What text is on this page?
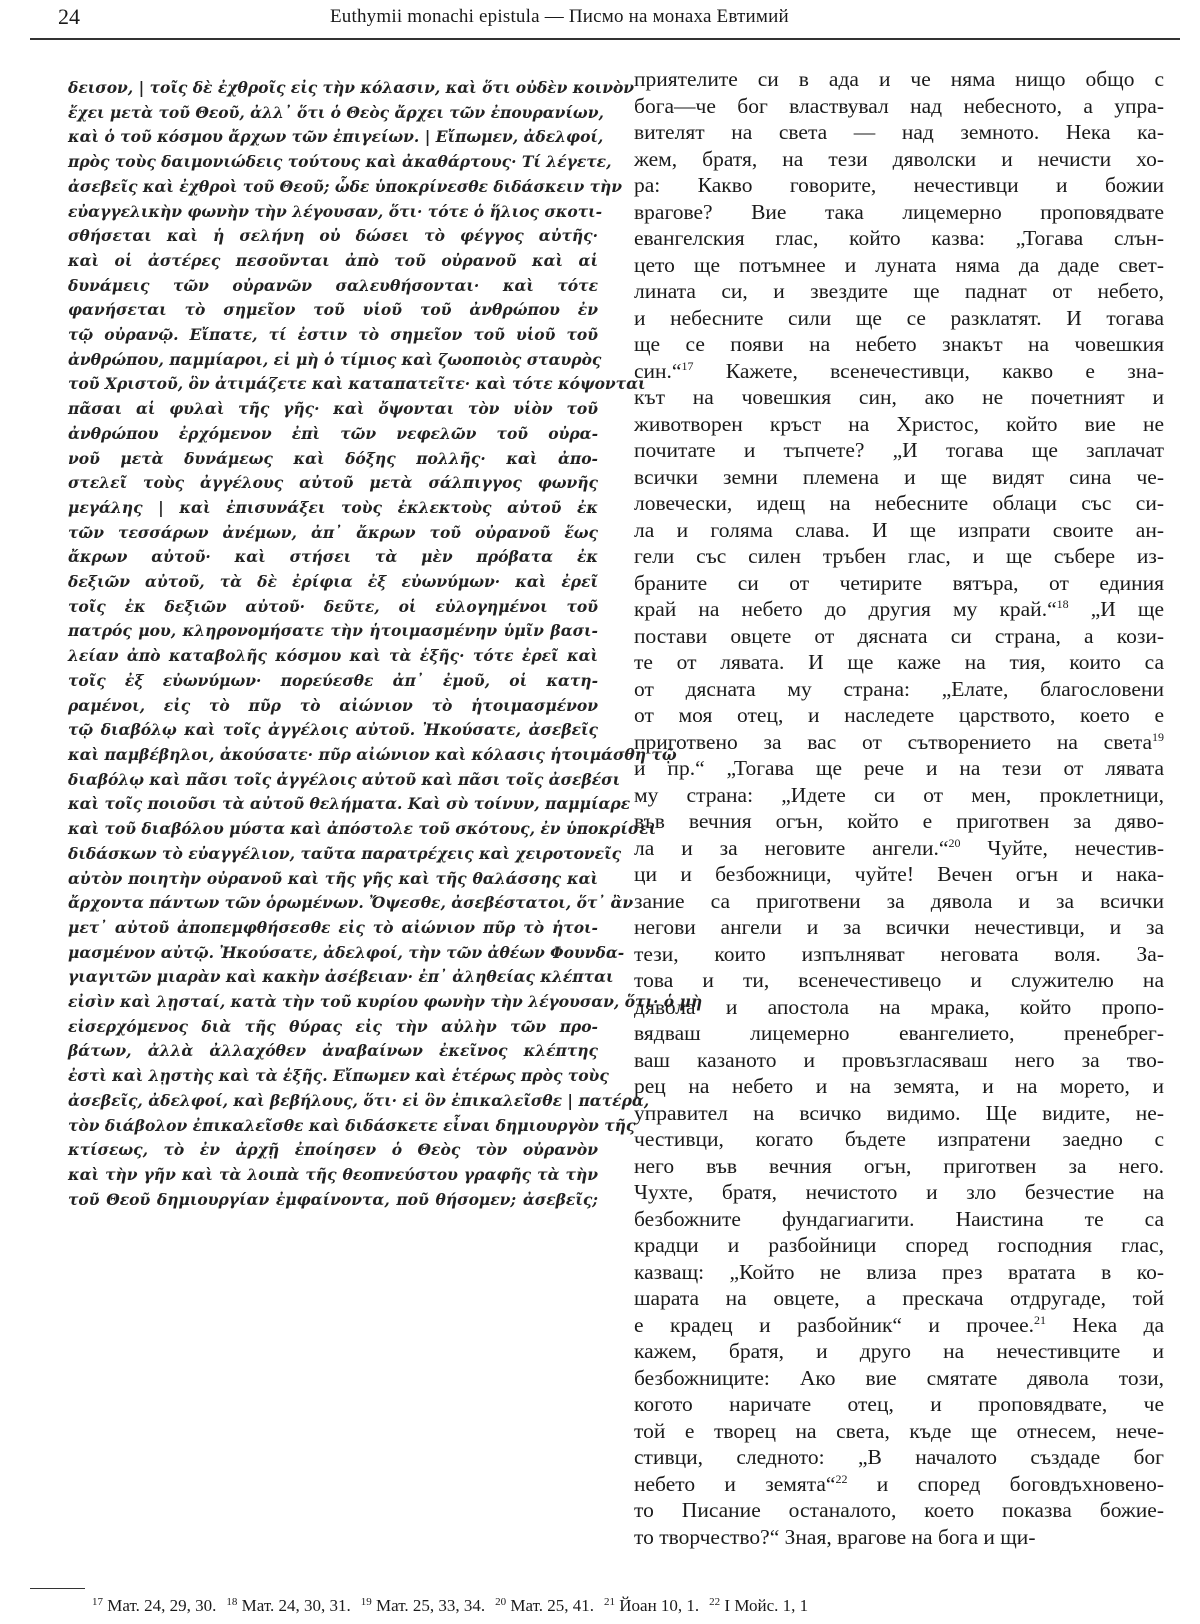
24	Euthymii monachi epistula — Писмо на монаха Евтимий
δεισον, | τοῖς δὲ ἐχθροῖς εἰς τὴν κόλασιν, καὶ ὅτι οὐδὲν κοινὸν
ἔχει μετὰ τοῦ Θεοῦ, ἀλλ᾽ ὅτι ὁ Θεὸς ἄρχει τῶν ἐπουρανίων,
καὶ ὁ τοῦ κόσμου ἄρχων τῶν ἐπιγείων. | Εἴπωμεν, ἀδελφοί,
πρὸς τοὺς δαιμονιώδεις τούτους καὶ ἀκαθάρτους· Τί λέγετε,
ἀσεβεῖς καὶ ἐχθροὶ τοῦ Θεοῦ; ὧδε ὑποκρίνεσθε διδάσκειν τὴν
εὐαγγελικὴν φωνὴν τὴν λέγουσαν, ὅτι· τότε ὁ ἥλιος σκοτι-
σθήσεται καὶ ἡ σελήνη οὐ δώσει τὸ φέγγος αὐτῆς·
καὶ οἱ ἀστέρες πεσοῦνται ἀπὸ τοῦ οὐρανοῦ καὶ αἱ
δυνάμεις τῶν οὐρανῶν σαλευθήσονται· καὶ τότε
φανήσεται τὸ σημεῖον τοῦ υἱοῦ τοῦ ἀνθρώπου ἐν
τῷ οὐρανῷ. Εἴπατε, τί ἐστιν τὸ σημεῖον τοῦ υἱοῦ τοῦ
ἀνθρώπου, παμμίαροι, εἰ μὴ ὁ τίμιος καὶ ζωοποιὸς σταυρὸς
τοῦ Χριστοῦ, ὃν ἀτιμάζετε καὶ καταπατεῖτε· καὶ τότε κόψονται
πᾶσαι αἱ φυλαὶ τῆς γῆς· καὶ ὄψονται τὸν υἱὸν τοῦ
ἀνθρώπου ἐρχόμενον ἐπὶ τῶν νεφελῶν τοῦ οὐρα-
νοῦ μετὰ δυνάμεως καὶ δόξης πολλῆς· καὶ ἀπο-
στελεῖ τοὺς ἀγγέλους αὐτοῦ μετὰ σάλπιγγος φωνῆς
μεγάλης | καὶ ἐπισυνάξει τοὺς ἐκλεκτοὺς αὐτοῦ ἐκ
τῶν τεσσάρων ἀνέμων, ἀπ᾽ ἄκρων τοῦ οὐρανοῦ ἕως
ἄκρων αὐτοῦ· καὶ στήσει τὰ μὲν πρόβατα ἐκ
δεξιῶν αὐτοῦ, τὰ δὲ ἐρίφια ἐξ εὐωνύμων· καὶ ἐρεῖ
τοῖς ἐκ δεξιῶν αὐτοῦ· δεῦτε, οἱ εὐλογημένοι τοῦ
πατρός μου, κληρονομήσατε τὴν ἡτοιμασμένην ὑμῖν βασι-
λείαν ἀπὸ καταβολῆς κόσμου καὶ τὰ ἑξῆς· τότε ἐρεῖ καὶ
τοῖς ἐξ εὐωνύμων· πορεύεσθε ἀπ᾽ ἐμοῦ, οἱ κατη-
ραμένοι, εἰς τὸ πῦρ τὸ αἰώνιον τὸ ἡτοιμασμένον
τῷ διαβόλῳ καὶ τοῖς ἀγγέλοις αὐτοῦ. Ἠκούσατε, ἀσεβεῖς
καὶ παμβέβηλοι, ἀκούσατε· πῦρ αἰώνιον καὶ κόλασις ἡτοιμάσθη τῷ
διαβόλῳ καὶ πᾶσι τοῖς ἀγγέλοις αὐτοῦ καὶ πᾶσι τοῖς ἀσεβέσι
καὶ τοῖς ποιοῦσι τὰ αὐτοῦ θελήματα. Καὶ σὺ τοίνυν, παμμίαρε
καὶ τοῦ διαβόλου μύστα καὶ ἀπόστολε τοῦ σκότους, ἐν ὑποκρίσει
διδάσκων τὸ εὐαγγέλιον, ταῦτα παρατρέχεις καὶ χειροτονεῖς
αὐτὸν ποιητὴν οὐρανοῦ καὶ τῆς γῆς καὶ τῆς θαλάσσης καὶ
ἄρχοντα πάντων τῶν ὁρωμένων. Ὄψεσθε, ἀσεβέστατοι, ὅτ᾽ ἂν
μετ᾽ αὐτοῦ ἀποπεμφθήσεσθε εἰς τὸ αἰώνιον πῦρ τὸ ἡτοι-
μασμένον αὐτῷ. Ἠκούσατε, ἀδελφοί, τὴν τῶν ἀθέων Φουνδα-
γιαγιτῶν μιαρὰν καὶ κακὴν ἀσέβειαν· ἐπ᾽ ἀληθείας κλέπται
εἰσὶν καὶ λῃσταί, κατὰ τὴν τοῦ κυρίου φωνὴν τὴν λέγουσαν, ὅτι· ὁ μὴ
εἰσερχόμενος διὰ τῆς θύρας εἰς τὴν αὐλὴν τῶν προ-
βάτων, ἀλλὰ ἀλλαχόθεν ἀναβαίνων ἐκεῖνος κλέπτης
ἐστὶ καὶ λῃστὴς καὶ τὰ ἑξῆς. Εἴπωμεν καὶ ἑτέρως πρὸς τοὺς
ἀσεβεῖς, ἀδελφοί, καὶ βεβήλους, ὅτι· εἰ ὃν ἐπικαλεῖσθε | πατέρα,
τὸν διάβολον ἐπικαλεῖσθε καὶ διδάσκετε εἶναι δημιουργὸν τῆς
κτίσεως, τὸ ἐν ἀρχῇ ἐποίησεν ὁ Θεὸς τὸν οὐρανὸν
καὶ τὴν γῆν καὶ τὰ λοιπὰ τῆς θεοπνεύστου γραφῆς τὰ τὴν
τοῦ Θεοῦ δημιουργίαν ἐμφαίνοντα, ποῦ θήσομεν; ἀσεβεῖς;
приятелите си в ада и че няма нищо общо с
бога—че бог властвувал над небесното, а упра-
вителят на света — над земното. Нека ка-
жем, братя, на тези дяволски и нечисти хо-
ра: Какво говорите, нечестивци и божии
врагове? Вие така лицемерно проповядвате
евангелския глас, който казва: „Тогава слън-
цето ще потъмнее и луната няма да даде свет-
лината си, и звездите ще паднат от небето,
и небесните сили ще се разклатят. И тогава
ще се появи на небето знакът на човешкия
син.“$^{17}$ Кажете, всенечестивци, какво е зна-
кът на човешкия син, ако не почетният и
животворен кръст на Христос, който вие не
почитате и тъпчете? „И тогава ще заплачат
всички земни племена и ще видят сина че-
ловечески, идещ на небесните облаци със си-
ла и голяма слава. И ще изпрати своите ан-
гели със силен тръбен глас, и ще събере из-
браните си от четирите вятъра, от единия
край на небето до другия му край.“$^{18}$ „И ще
постави овцете от дясната си страна, а кози-
те от лявата. И ще каже на тия, които са
от дясната му страна: „Елате, благословени
от моя отец, и наследете царството, което е
приготвено за вас от сътворението на света$^{19}$
и пр.“ „Тогава ще рече и на тези от лявата
му страна: „Идете си от мен, проклетници,
във вечния огън, който е приготвен за дяво-
ла и за неговите ангели.“$^{20}$ Чуйте, нечестив-
ци и безбожници, чуйте! Вечен огън и нака-
зание са приготвени за дявола и за всички
негови ангели и за всички нечестивци, и за
тези, които изпълняват неговата воля. За-
това и ти, всенечестивецо и служителю на
дявола и апостола на мрака, който пропо-
вядваш лицемерно евангелието, пренебрег-
ваш казаното и провъзгласяваш него за тво-
рец на небето и на земята, и на морето, и
управител на всичко видимо. Ще видите, не-
честивци, когато бъдете изпратени заедно с
него във вечния огън, приготвен за него.
Чухте, братя, нечистото и зло безчестие на
безбожните фундагиагити. Наистина те са
крадци и разбойници според господния глас,
казващ: „Който не влиза през вратата в ко-
шарата на овцете, а прескача отдругаде, той
е крадец и разбойник“ и прочее.$^{21}$ Нека да
кажем, братя, и друго на нечестивците и
безбожниците: Ако вие смятате дявола този,
когото наричате отец, и проповядвате, че
той е творец на света, къде ще отнесем, нече-
стивци, следното: „В началото създаде бог
небето и земята“$^{22}$ и според боговдъхновено-
то Писание останалото, което показва божие-
то творчество?“ Зная, врагове на бога и щи-
$^{17}$ Мат. 24, 29, 30. $^{18}$ Мат. 24, 30, 31. $^{19}$ Мат. 25, 33, 34. $^{20}$ Мат. 25, 41. $^{21}$ Йоан 10, 1. $^{22}$ I Мойс. 1, 1
